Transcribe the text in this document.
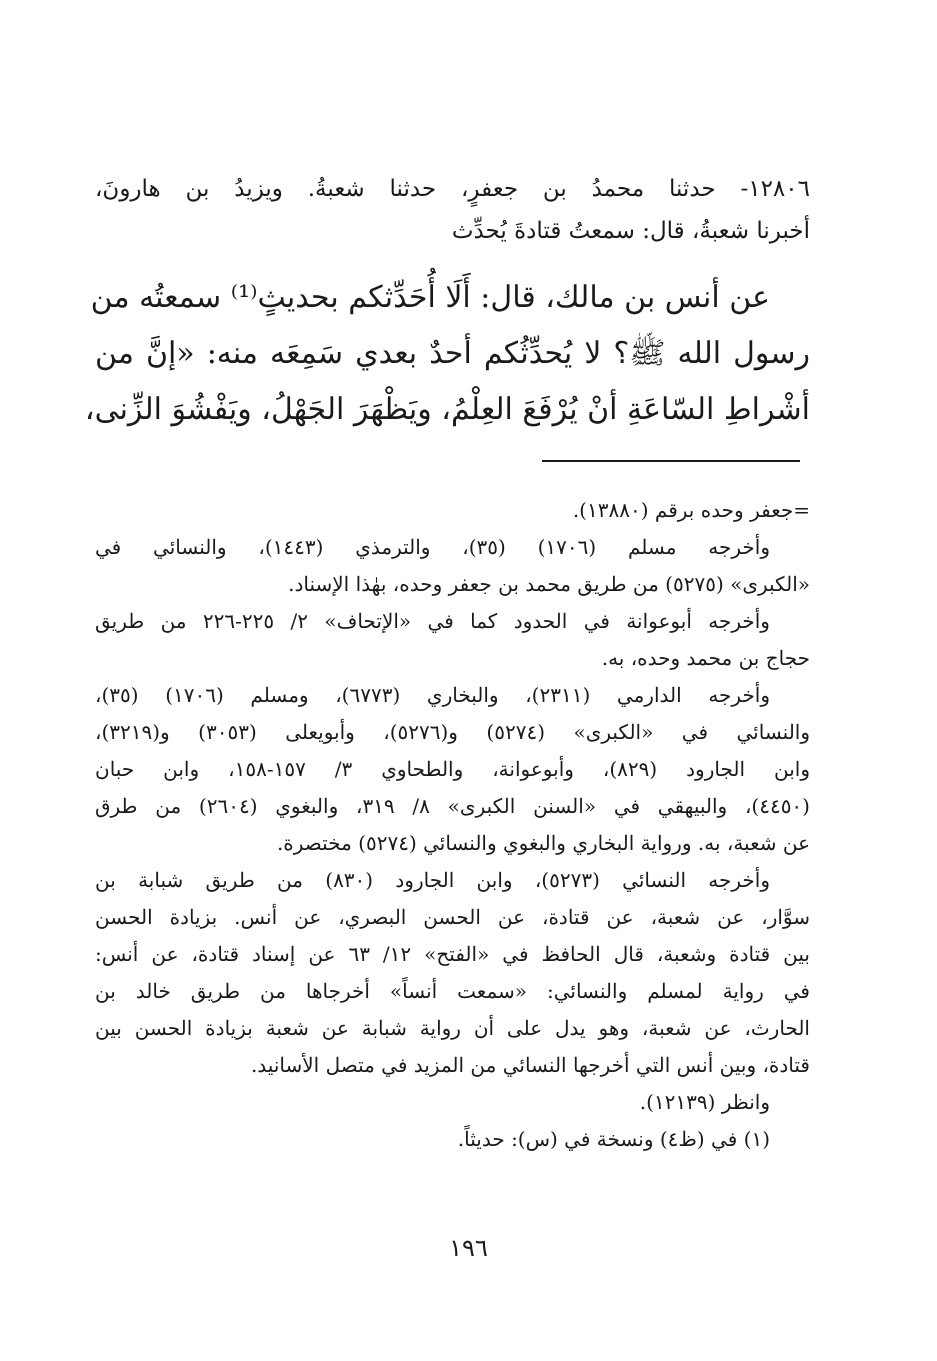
١٢٨٠٦- حدثنا محمدُ بن جعفرٍ، حدثنا شعبةُ. ويزيدُ بن هارونَ،
أخبرنا شعبةُ، قال: سمعتُ قتادةَ يُحدِّث
عن أنس بن مالك، قال: أَلَا أُحَدِّثكم بحديثٍ⁽¹⁾ سمعتُه من
رسول الله ﷺ؟ لا يُحدِّثُكم أحدٌ بعدي سَمِعَه منه: «إنَّ من
أشْراطِ السّاعَةِ أنْ يُرْفَعَ العِلْمُ، ويَظْهَرَ الجَهْلُ، ويَفْشُوَ الزِّنى،
=جعفر وحده برقم (١٣٨٨٠).
وأخرجه مسلم (١٧٠٦) (٣٥)، والترمذي (١٤٤٣)، والنسائي في
«الكبرى» (٥٢٧٥) من طريق محمد بن جعفر وحده، بهٰذا الإسناد.
وأخرجه أبوعوانة في الحدود كما في «الإتحاف» ٢/ ٢٢٥-٢٢٦ من طريق
حجاج بن محمد وحده، به.
وأخرجه الدارمي (٢٣١١)، والبخاري (٦٧٧٣)، ومسلم (١٧٠٦) (٣٥)،
والنسائي في «الكبرى» (٥٢٧٤) و(٥٢٧٦)، وأبويعلى (٣٠٥٣) و(٣٢١٩)،
وابن الجارود (٨٢٩)، وأبوعوانة، والطحاوي ٣/ ١٥٧-١٥٨، وابن حبان
(٤٤٥٠)، والبيهقي في «السنن الكبرى» ٨/ ٣١٩، والبغوي (٢٦٠٤) من طرق
عن شعبة، به. ورواية البخاري والبغوي والنسائي (٥٢٧٤) مختصرة.
وأخرجه النسائي (٥٢٧٣)، وابن الجارود (٨٣٠) من طريق شبابة بن
سوَّار، عن شعبة، عن قتادة، عن الحسن البصري، عن أنس. بزيادة الحسن
بين قتادة وشعبة، قال الحافظ في «الفتح» ١٢/ ٦٣ عن إسناد قتادة، عن أنس:
في رواية لمسلم والنسائي: «سمعت أنساً» أخرجاها من طريق خالد بن
الحارث، عن شعبة، وهو يدل على أن رواية شبابة عن شعبة بزيادة الحسن بين
قتادة، وبين أنس التي أخرجها النسائي من المزيد في متصل الأسانيد.
وانظر (١٢١٣٩).
(١) في (ظ٤) ونسخة في (س): حديثاً.
١٩٦
